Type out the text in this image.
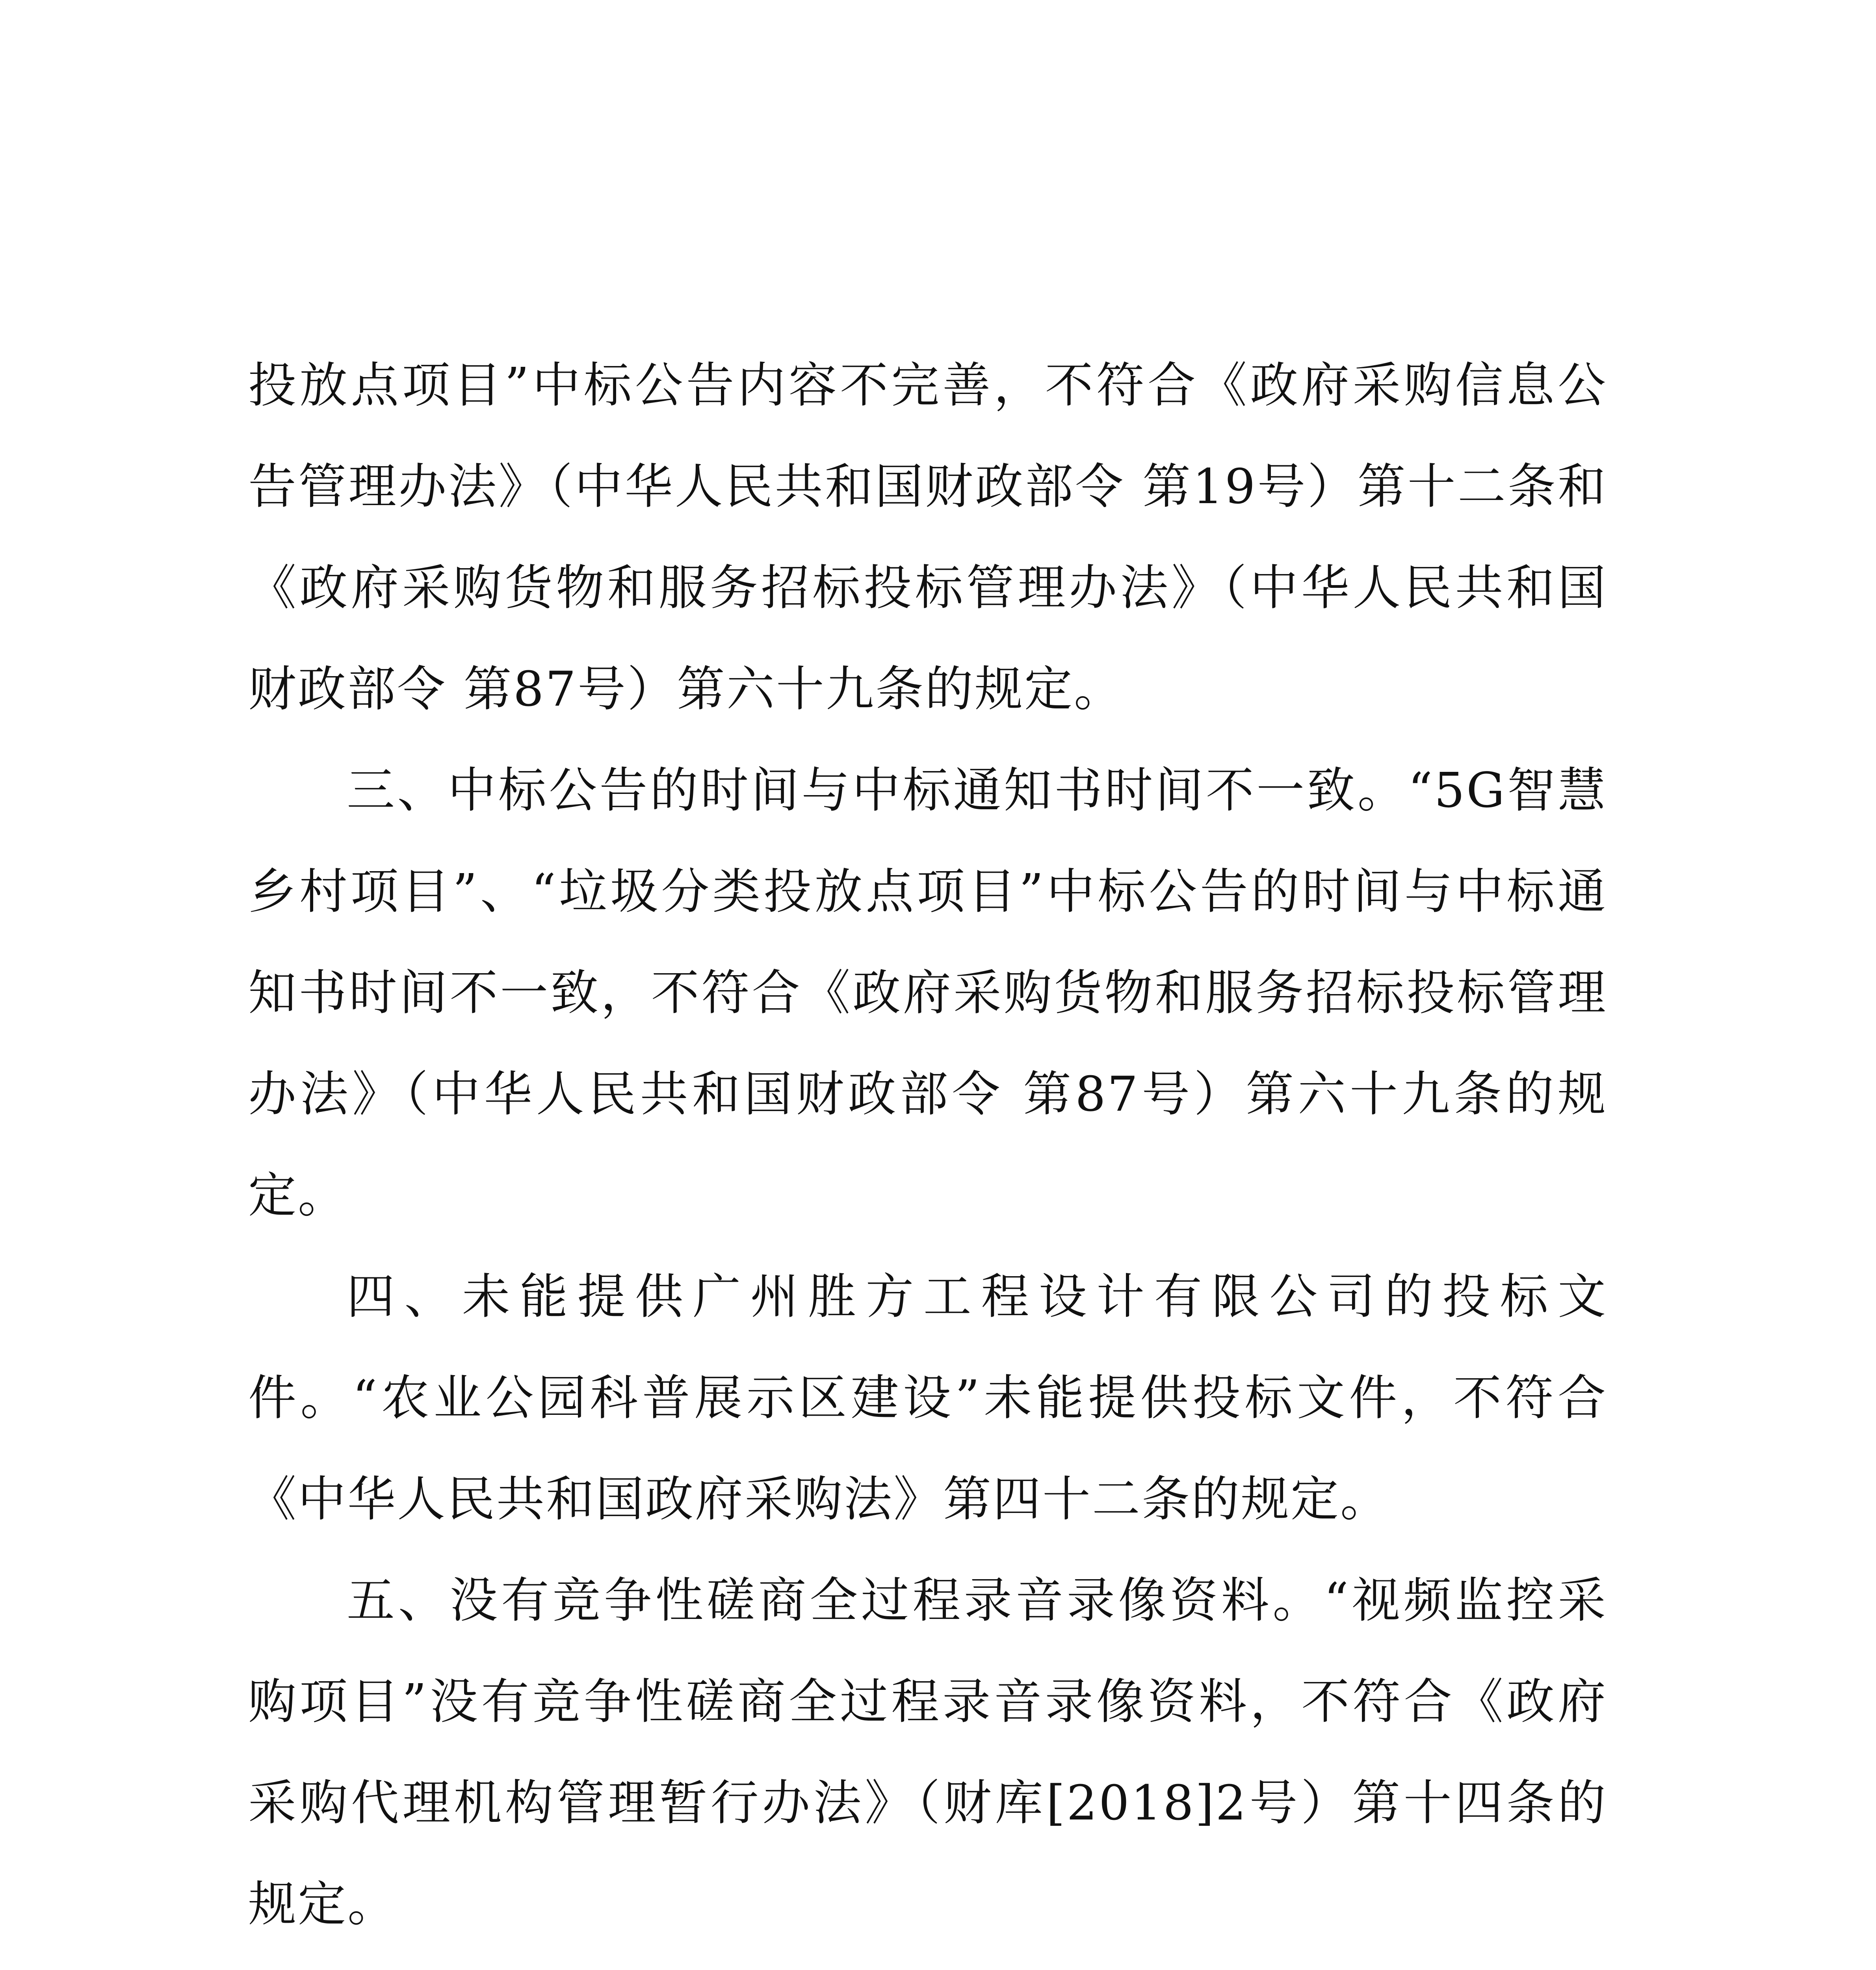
投放点项目”中标公告内容不完善，不符合《政府采购信息公告管理办法》（中华人民共和国财政部令 第19号）第十二条和《政府采购货物和服务招标投标管理办法》（中华人民共和国财政部令 第87号）第六十九条的规定。

三、中标公告的时间与中标通知书时间不一致。“5G智慧乡村项目”、“垃圾分类投放点项目”中标公告的时间与中标通知书时间不一致，不符合《政府采购货物和服务招标投标管理办法》（中华人民共和国财政部令 第87号）第六十九条的规定。

四、未能提供广州胜方工程设计有限公司的投标文件。“农业公园科普展示区建设”未能提供投标文件，不符合《中华人民共和国政府采购法》第四十二条的规定。

五、没有竞争性磋商全过程录音录像资料。“视频监控采购项目”没有竞争性磋商全过程录音录像资料，不符合《政府采购代理机构管理暂行办法》（财库[2018]2号）第十四条的规定。
